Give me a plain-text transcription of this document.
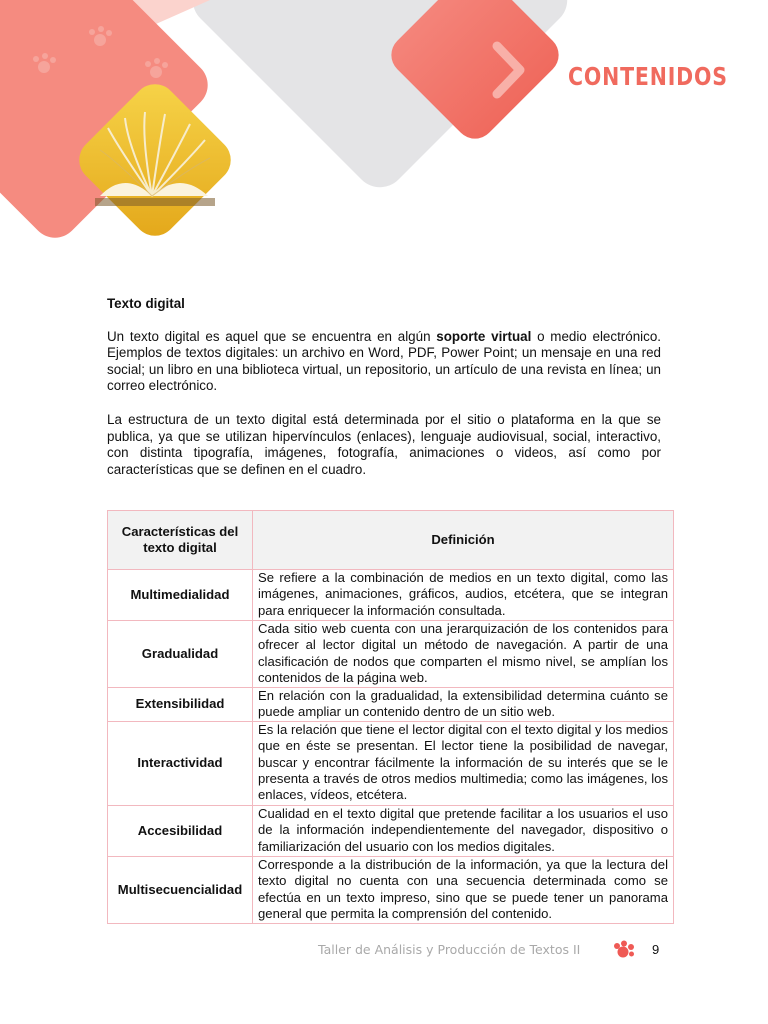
CONTENIDOS
Texto digital

Un texto digital es aquel que se encuentra en algún soporte virtual o medio electrónico. Ejemplos de textos digitales: un archivo en Word, PDF, Power Point; un mensaje en una red social; un libro en una biblioteca virtual, un repositorio, un artículo de una revista en línea; un correo electrónico.

La estructura de un texto digital está determinada por el sitio o plataforma en la que se publica, ya que se utilizan hipervínculos (enlaces), lenguaje audiovisual, social, interactivo, con distinta tipografía, imágenes, fotografía, animaciones o videos, así como por características que se definen en el cuadro.

Características del texto digital	Definición
Multimedialidad	Se refiere a la combinación de medios en un texto digital, como las imágenes, animaciones, gráficos, audios, etcétera, que se integran para enriquecer la información consultada.
Gradualidad	Cada sitio web cuenta con una jerarquización de los contenidos para ofrecer al lector digital un método de navegación. A partir de una clasificación de nodos que comparten el mismo nivel, se amplían los contenidos de la página web.
Extensibilidad	En relación con la gradualidad, la extensibilidad determina cuánto se puede ampliar un contenido dentro de un sitio web.
Interactividad	Es la relación que tiene el lector digital con el texto digital y los medios que en éste se presentan. El lector tiene la posibilidad de navegar, buscar y encontrar fácilmente la información de su interés que se le presenta a través de otros medios multimedia; como las imágenes, los enlaces, vídeos, etcétera.
Accesibilidad	Cualidad en el texto digital que pretende facilitar a los usuarios el uso de la información independientemente del navegador, dispositivo o familiarización del usuario con los medios digitales.
Multisecuencialidad	Corresponde a la distribución de la información, ya que la lectura del texto digital no cuenta con una secuencia determinada como se efectúa en un texto impreso, sino que se puede tener un panorama general que permita la comprensión del contenido.
Taller de Análisis y Producción de Textos II	9
